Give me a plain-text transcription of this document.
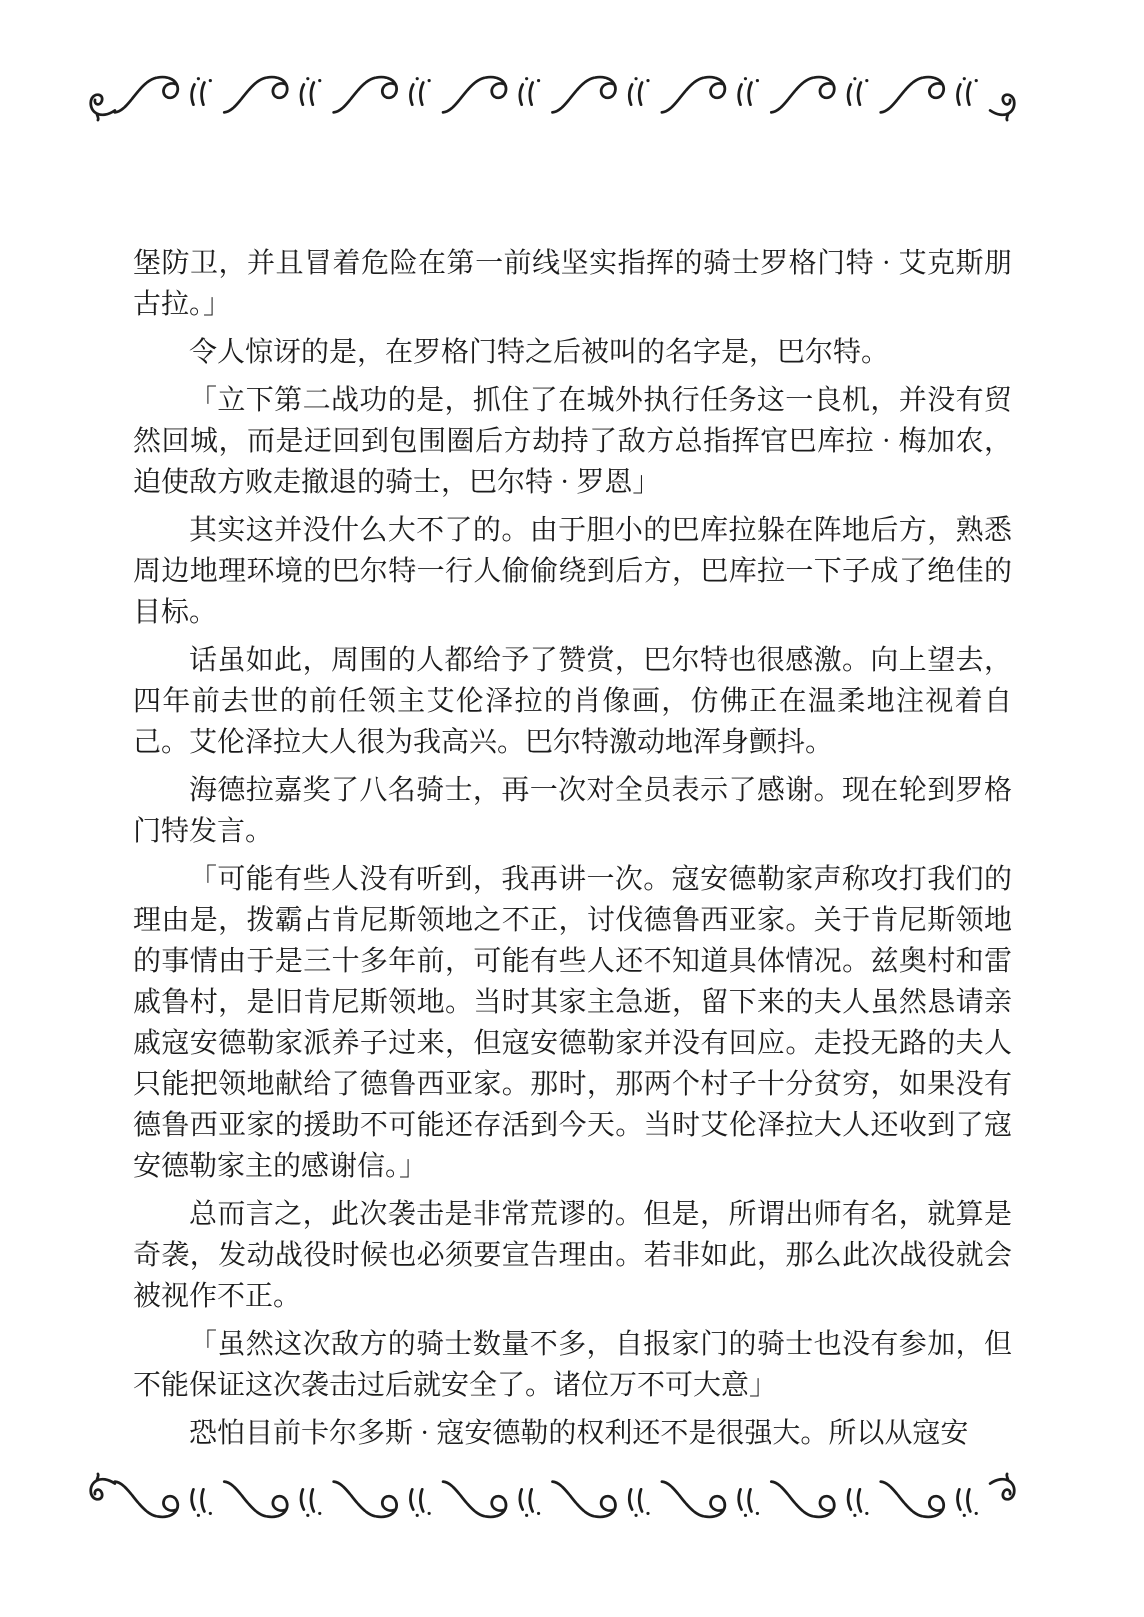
堡防卫，并且冒着危险在第一前线坚实指挥的骑士罗格门特 · 艾克斯朋古拉。」

令人惊讶的是，在罗格门特之后被叫的名字是，巴尔特。

「立下第二战功的是，抓住了在城外执行任务这一良机，并没有贸然回城，而是迂回到包围圈后方劫持了敌方总指挥官巴库拉 · 梅加农，迫使敌方败走撤退的骑士，巴尔特 · 罗恩」

其实这并没什么大不了的。由于胆小的巴库拉躲在阵地后方，熟悉周边地理环境的巴尔特一行人偷偷绕到后方，巴库拉一下子成了绝佳的目标。

话虽如此，周围的人都给予了赞赏，巴尔特也很感激。向上望去，四年前去世的前任领主艾伦泽拉的肖像画，仿佛正在温柔地注视着自己。艾伦泽拉大人很为我高兴。巴尔特激动地浑身颤抖。

海德拉嘉奖了八名骑士，再一次对全员表示了感谢。现在轮到罗格门特发言。

「可能有些人没有听到，我再讲一次。寇安德勒家声称攻打我们的理由是，拨霸占肯尼斯领地之不正，讨伐德鲁西亚家。关于肯尼斯领地的事情由于是三十多年前，可能有些人还不知道具体情况。兹奥村和雷戚鲁村，是旧肯尼斯领地。当时其家主急逝，留下来的夫人虽然恳请亲戚寇安德勒家派养子过来，但寇安德勒家并没有回应。走投无路的夫人只能把领地献给了德鲁西亚家。那时，那两个村子十分贫穷，如果没有德鲁西亚家的援助不可能还存活到今天。当时艾伦泽拉大人还收到了寇安德勒家主的感谢信。」

总而言之，此次袭击是非常荒谬的。但是，所谓出师有名，就算是奇袭，发动战役时候也必须要宣告理由。若非如此，那么此次战役就会被视作不正。

「虽然这次敌方的骑士数量不多，自报家门的骑士也没有参加，但不能保证这次袭击过后就安全了。诸位万不可大意」

恐怕目前卡尔多斯 · 寇安德勒的权利还不是很强大。所以从寇安
